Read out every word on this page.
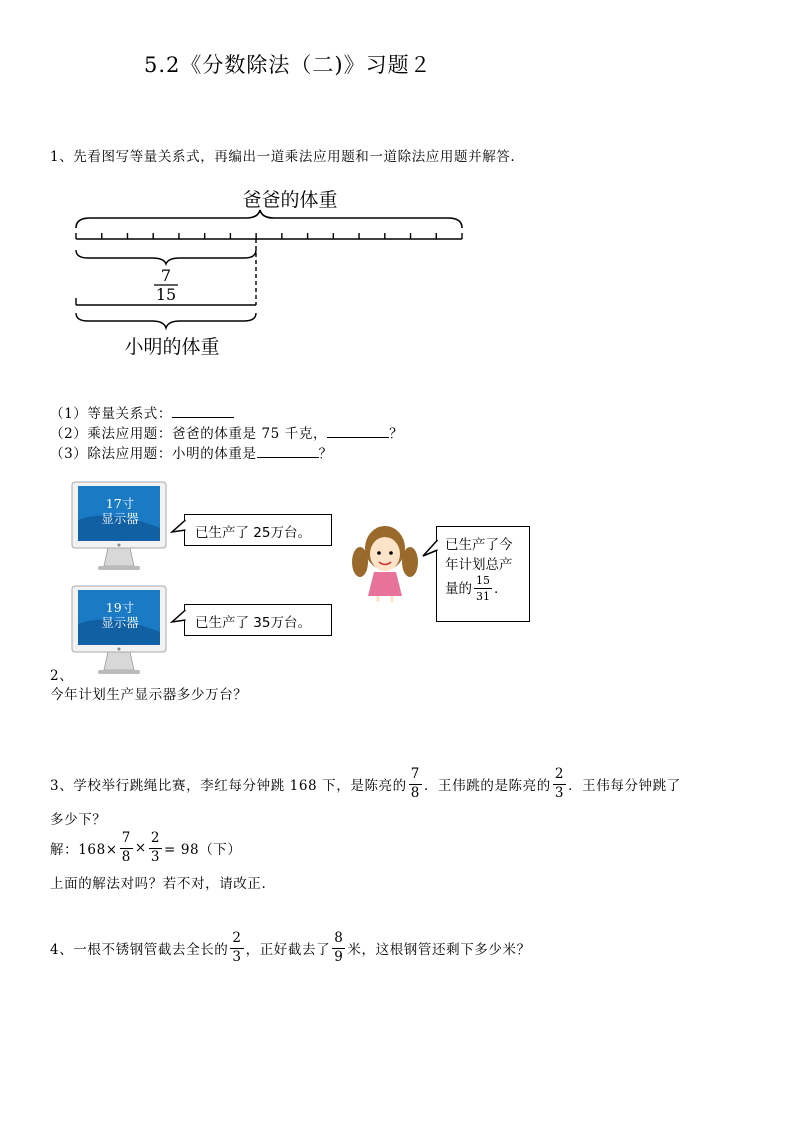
5.2《分数除法（二)》习题２
1、先看图写等量关系式，再编出一道乘法应用题和一道除法应用题并解答.
爸爸的体重
7
15
小明的体重
（1）等量关系式：
（2）乘法应用题：爸爸的体重是 75 千克，	？
（3）除法应用题：小明的体重是	？
17寸
显示器
已生产了 25万台。
19寸
显示器	已生产了 35万台。
已生产了今
年计划总产
量的 $\frac{15}{31}$ .
2、
今年计划生产显示器多少万台？
3、学校举行跳绳比赛，李红每分钟跳 168 下，是陈亮的 $\frac{7}{8}$ ．王伟跳的是陈亮的 $\frac{2}{3}$ ．王伟每分钟跳了
多少下？
解：$168\times \frac{7}{8} \times \frac{2}{3} = 98$（下）
上面的解法对吗？若不对，请改正.
4、一根不锈钢管截去全长的 $\frac{2}{3}$ ，正好截去了 $\frac{8}{9}$ 米，这根钢管还剩下多少米？
